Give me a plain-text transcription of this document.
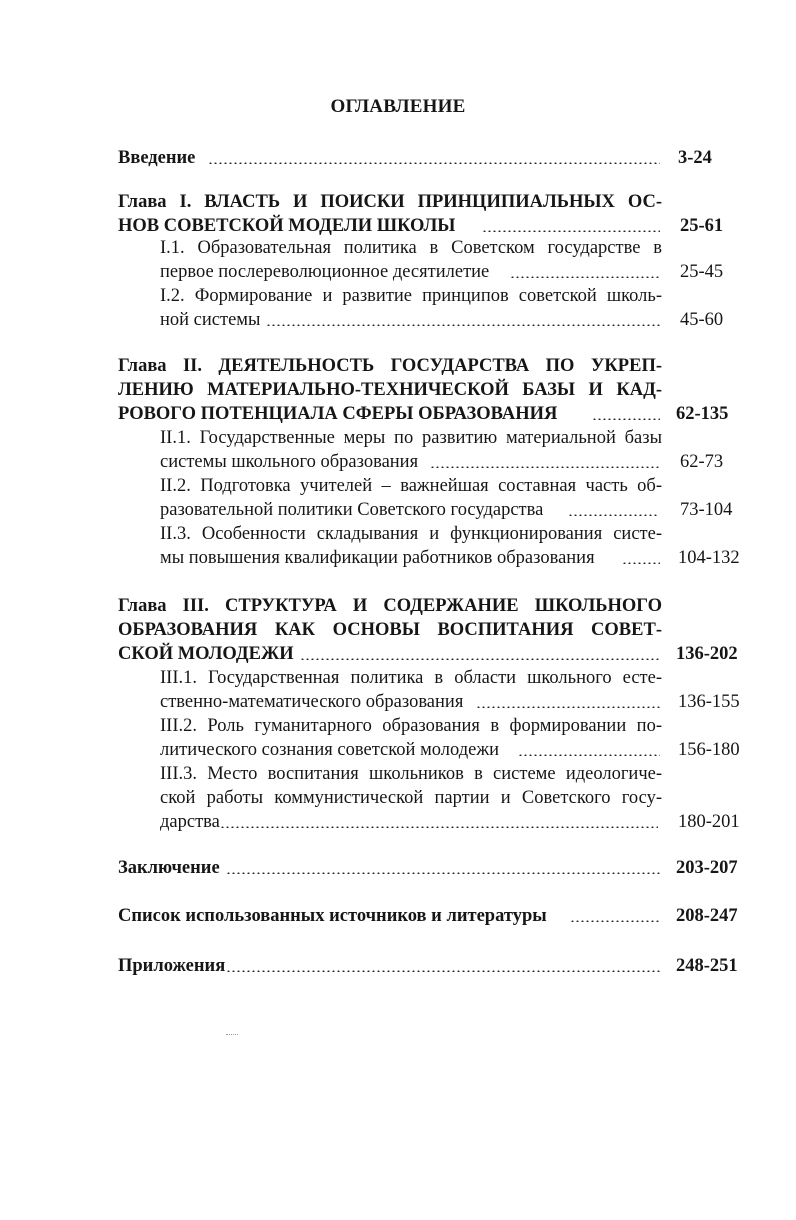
ОГЛАВЛЕНИЕ
Введение	3-24
Глава I. ВЛАСТЬ И ПОИСКИ ПРИНЦИПИАЛЬНЫХ ОС-
НОВ СОВЕТСКОЙ МОДЕЛИ ШКОЛЫ	25-61
I.1. Образовательная политика в Советском государстве в
первое послереволюционное десятилетие	25-45
I.2. Формирование и развитие принципов советской школь-
ной системы	45-60
Глава II. ДЕЯТЕЛЬНОСТЬ ГОСУДАРСТВА ПО УКРЕП-
ЛЕНИЮ МАТЕРИАЛЬНО-ТЕХНИЧЕСКОЙ БАЗЫ И КАД-
РОВОГО ПОТЕНЦИАЛА СФЕРЫ ОБРАЗОВАНИЯ	62-135
II.1. Государственные меры по развитию материальной базы
системы школьного образования	62-73
II.2. Подготовка учителей – важнейшая составная часть об-
разовательной политики Советского государства	73-104
II.3. Особенности складывания и функционирования систе-
мы повышения квалификации работников образования	104-132
Глава III. СТРУКТУРА И СОДЕРЖАНИЕ ШКОЛЬНОГО
ОБРАЗОВАНИЯ КАК ОСНОВЫ ВОСПИТАНИЯ СОВЕТ-
СКОЙ МОЛОДЕЖИ	136-202
III.1. Государственная политика в области школьного есте-
ственно-математического образования	136-155
III.2. Роль гуманитарного образования в формировании по-
литического сознания советской молодежи	156-180
III.3. Место воспитания школьников в системе идеологиче-
ской работы коммунистической партии и Советского госу-
дарства	180-201
Заключение	203-207
Список использованных источников и литературы	208-247
Приложения	248-251
